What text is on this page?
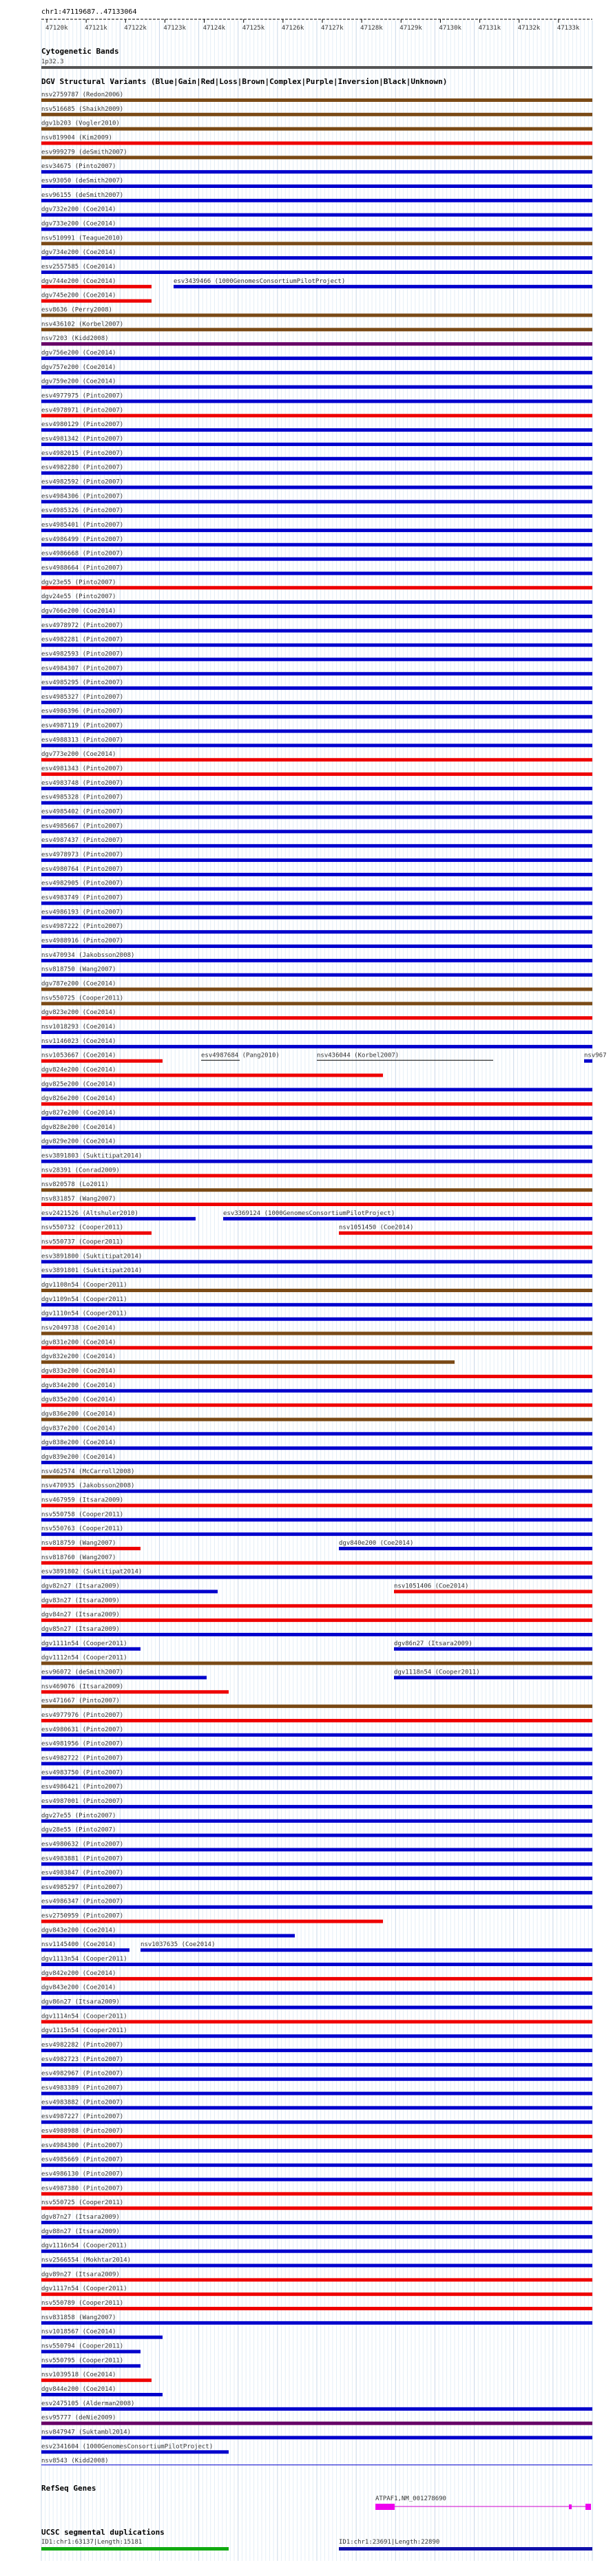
chr1:47119687..47133064
47120k	47121k	47122k	47123k	47124k	47125k	47126k	47127k	47128k	47129k	47130k	47131k	47132k	47133k
Cytogenetic Bands
1p32.3
DGV Structural Variants (Blue|Gain|Red|Loss|Brown|Complex|Purple|Inversion|Black|Unknown)
nsv2759787 (Redon2006)
nsv516685 (Shaikh2009)
dgv1b203 (Vogler2010)
nsv819904 (Kim2009)
esv999279 (deSmith2007)
esv34675 (Pinto2007)
esv93050 (deSmith2007)
esv96155 (deSmith2007)
dgv732e200 (Coe2014)
dgv733e200 (Coe2014)
nsv510991 (Teague2010)
dgv734e200 (Coe2014)
esv2557585 (Coe2014)
dgv744e200 (Coe2014)	esv3439466 (1000GenomesConsortiumPilotProject)
dgv745e200 (Coe2014)
esv8636 (Perry2008)
nsv436102 (Korbel2007)
nsv7203 (Kidd2008)
dgv756e200 (Coe2014)
dgv757e200 (Coe2014)
dgv759e200 (Coe2014)
esv4977975 (Pinto2007)
esv4978971 (Pinto2007)
esv4980129 (Pinto2007)
esv4981342 (Pinto2007)
esv4982015 (Pinto2007)
esv4982280 (Pinto2007)
esv4982592 (Pinto2007)
esv4984306 (Pinto2007)
esv4985326 (Pinto2007)
esv4985401 (Pinto2007)
esv4986499 (Pinto2007)
esv4986668 (Pinto2007)
esv4988664 (Pinto2007)
dgv23e55 (Pinto2007)
dgv24e55 (Pinto2007)
dgv766e200 (Coe2014)
esv4978972 (Pinto2007)
esv4982281 (Pinto2007)
esv4982593 (Pinto2007)
esv4984307 (Pinto2007)
esv4985295 (Pinto2007)
esv4985327 (Pinto2007)
esv4986396 (Pinto2007)
esv4987119 (Pinto2007)
esv4988313 (Pinto2007)
dgv773e200 (Coe2014)
esv4981343 (Pinto2007)
esv4983748 (Pinto2007)
esv4985328 (Pinto2007)
esv4985402 (Pinto2007)
esv4985667 (Pinto2007)
esv4987437 (Pinto2007)
esv4978973 (Pinto2007)
esv4980764 (Pinto2007)
esv4982905 (Pinto2007)
esv4983749 (Pinto2007)
esv4986193 (Pinto2007)
esv4987222 (Pinto2007)
esv4988916 (Pinto2007)
nsv470934 (Jakobsson2008)
nsv818750 (Wang2007)
dgv787e200 (Coe2014)
nsv550725 (Cooper2011)
dgv823e200 (Coe2014)
nsv1018293 (Coe2014)
nsv1146023 (Coe2014)
nsv1053667 (Coe2014)	esv4987684 (Pang2010)	nsv436044 (Korbel2007)	nsv967
dgv824e200 (Coe2014)
dgv825e200 (Coe2014)
dgv826e200 (Coe2014)
dgv827e200 (Coe2014)
dgv828e200 (Coe2014)
dgv829e200 (Coe2014)
esv3891803 (Suktitipat2014)
nsv28391 (Conrad2009)
nsv820578 (Lo2011)
nsv831857 (Wang2007)
esv2421526 (Altshuler2010)	esv3369124 (1000GenomesConsortiumPilotProject)
nsv550732 (Cooper2011)	nsv1051450 (Coe2014)
nsv550737 (Cooper2011)
esv3891800 (Suktitipat2014)
esv3891801 (Suktitipat2014)
dgv1108n54 (Cooper2011)
dgv1109n54 (Cooper2011)
dgv1110n54 (Cooper2011)
nsv2049738 (Coe2014)
dgv831e200 (Coe2014)
dgv832e200 (Coe2014)
dgv833e200 (Coe2014)
dgv834e200 (Coe2014)
dgv835e200 (Coe2014)
dgv836e200 (Coe2014)
dgv837e200 (Coe2014)
dgv838e200 (Coe2014)
dgv839e200 (Coe2014)
nsv462574 (McCarroll2008)
nsv470935 (Jakobsson2008)
nsv467959 (Itsara2009)
nsv550758 (Cooper2011)
nsv550763 (Cooper2011)
nsv818759 (Wang2007)	dgv840e200 (Coe2014)
nsv818760 (Wang2007)
esv3891802 (Suktitipat2014)
dgv82n27 (Itsara2009)	nsv1051406 (Coe2014)
dgv83n27 (Itsara2009)
dgv84n27 (Itsara2009)
dgv85n27 (Itsara2009)
dgv1111n54 (Cooper2011)	dgv86n27 (Itsara2009)
dgv1112n54 (Cooper2011)
esv96072 (deSmith2007)	dgv1118n54 (Cooper2011)
nsv469076 (Itsara2009)
esv471667 (Pinto2007)
esv4977976 (Pinto2007)
esv4980631 (Pinto2007)
esv4981956 (Pinto2007)
esv4982722 (Pinto2007)
esv4983750 (Pinto2007)
esv4986421 (Pinto2007)
esv4987001 (Pinto2007)
dgv27e55 (Pinto2007)
dgv28e55 (Pinto2007)
esv4980632 (Pinto2007)
esv4983881 (Pinto2007)
esv4983847 (Pinto2007)
esv4985297 (Pinto2007)
esv4986347 (Pinto2007)
esv2750959 (Pinto2007)
dgv843e200 (Coe2014)
nsv1145400 (Coe2014)	nsv1037635 (Coe2014)
dgv1113n54 (Cooper2011)
dgv842e200 (Coe2014)
dgv843e200 (Coe2014)
dgv86n27 (Itsara2009)
dgv1114n54 (Cooper2011)
dgv1115n54 (Cooper2011)
esv4982282 (Pinto2007)
esv4982723 (Pinto2007)
esv4982967 (Pinto2007)
esv4983389 (Pinto2007)
esv4983882 (Pinto2007)
esv4987227 (Pinto2007)
esv4988988 (Pinto2007)
esv4984300 (Pinto2007)
esv4985669 (Pinto2007)
esv4986130 (Pinto2007)
esv4987380 (Pinto2007)
nsv550725 (Cooper2011)
dgv87n27 (Itsara2009)
dgv88n27 (Itsara2009)
dgv1116n54 (Cooper2011)
nsv2566554 (Mokhtar2014)
dgv89n27 (Itsara2009)
dgv1117n54 (Cooper2011)
nsv550789 (Cooper2011)
nsv831858 (Wang2007)
nsv1018567 (Coe2014)
nsv550794 (Cooper2011)
nsv550795 (Cooper2011)
nsv1039518 (Coe2014)
dgv844e200 (Coe2014)
esv2475105 (Alderman2008)
esv95777 (deNie2009)
nsv847947 (Suktambl2014)
esv2341604 (1000GenomesConsortiumPilotProject)
nsv8543 (Kidd2008)
RefSeq Genes
ATPAF1,NM_001278690
UCSC segmental duplications
ID1:chr1:63137|Length:15181	ID1:chr1:23691|Length:22890
